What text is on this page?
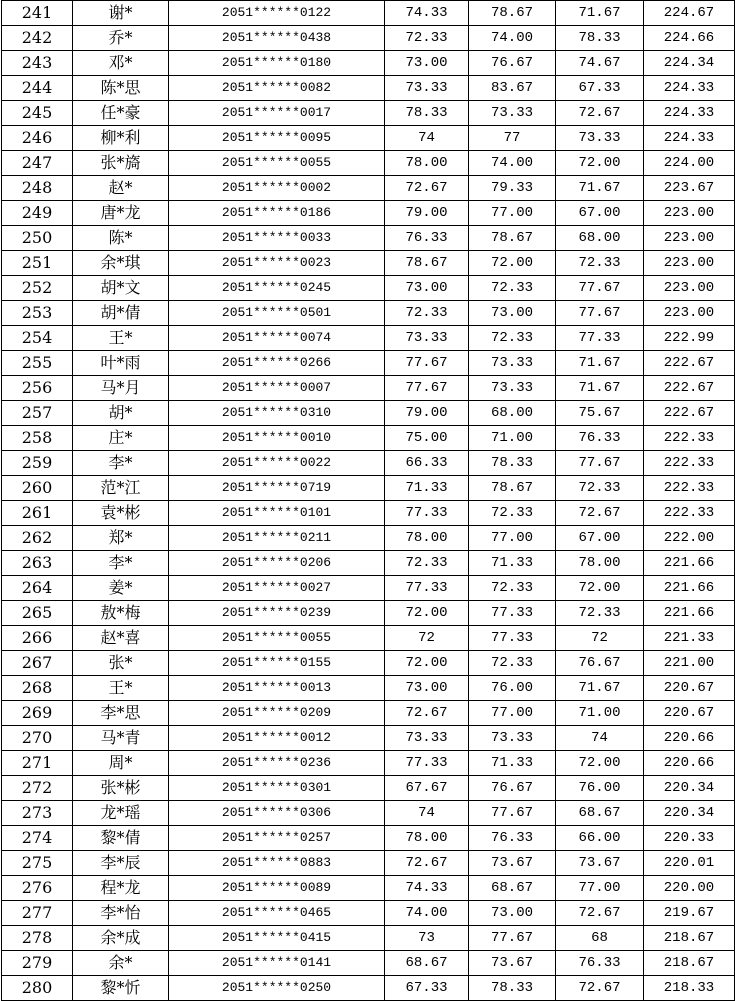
241	谢*	2051******0122	74.33	78.67	71.67	224.67
242	乔*	2051******0438	72.33	74.00	78.33	224.66
243	邓*	2051******0180	73.00	76.67	74.67	224.34
244	陈*思	2051******0082	73.33	83.67	67.33	224.33
245	任*豪	2051******0017	78.33	73.33	72.67	224.33
246	柳*利	2051******0095	74	77	73.33	224.33
247	张*旖	2051******0055	78.00	74.00	72.00	224.00
248	赵*	2051******0002	72.67	79.33	71.67	223.67
249	唐*龙	2051******0186	79.00	77.00	67.00	223.00
250	陈*	2051******0033	76.33	78.67	68.00	223.00
251	余*琪	2051******0023	78.67	72.00	72.33	223.00
252	胡*文	2051******0245	73.00	72.33	77.67	223.00
253	胡*倩	2051******0501	72.33	73.00	77.67	223.00
254	王*	2051******0074	73.33	72.33	77.33	222.99
255	叶*雨	2051******0266	77.67	73.33	71.67	222.67
256	马*月	2051******0007	77.67	73.33	71.67	222.67
257	胡*	2051******0310	79.00	68.00	75.67	222.67
258	庄*	2051******0010	75.00	71.00	76.33	222.33
259	李*	2051******0022	66.33	78.33	77.67	222.33
260	范*江	2051******0719	71.33	78.67	72.33	222.33
261	袁*彬	2051******0101	77.33	72.33	72.67	222.33
262	郑*	2051******0211	78.00	77.00	67.00	222.00
263	李*	2051******0206	72.33	71.33	78.00	221.66
264	姜*	2051******0027	77.33	72.33	72.00	221.66
265	敖*梅	2051******0239	72.00	77.33	72.33	221.66
266	赵*喜	2051******0055	72	77.33	72	221.33
267	张*	2051******0155	72.00	72.33	76.67	221.00
268	王*	2051******0013	73.00	76.00	71.67	220.67
269	李*思	2051******0209	72.67	77.00	71.00	220.67
270	马*青	2051******0012	73.33	73.33	74	220.66
271	周*	2051******0236	77.33	71.33	72.00	220.66
272	张*彬	2051******0301	67.67	76.67	76.00	220.34
273	龙*瑶	2051******0306	74	77.67	68.67	220.34
274	黎*倩	2051******0257	78.00	76.33	66.00	220.33
275	李*辰	2051******0883	72.67	73.67	73.67	220.01
276	程*龙	2051******0089	74.33	68.67	77.00	220.00
277	李*怡	2051******0465	74.00	73.00	72.67	219.67
278	余*成	2051******0415	73	77.67	68	218.67
279	余*	2051******0141	68.67	73.67	76.33	218.67
280	黎*忻	2051******0250	67.33	78.33	72.67	218.33
